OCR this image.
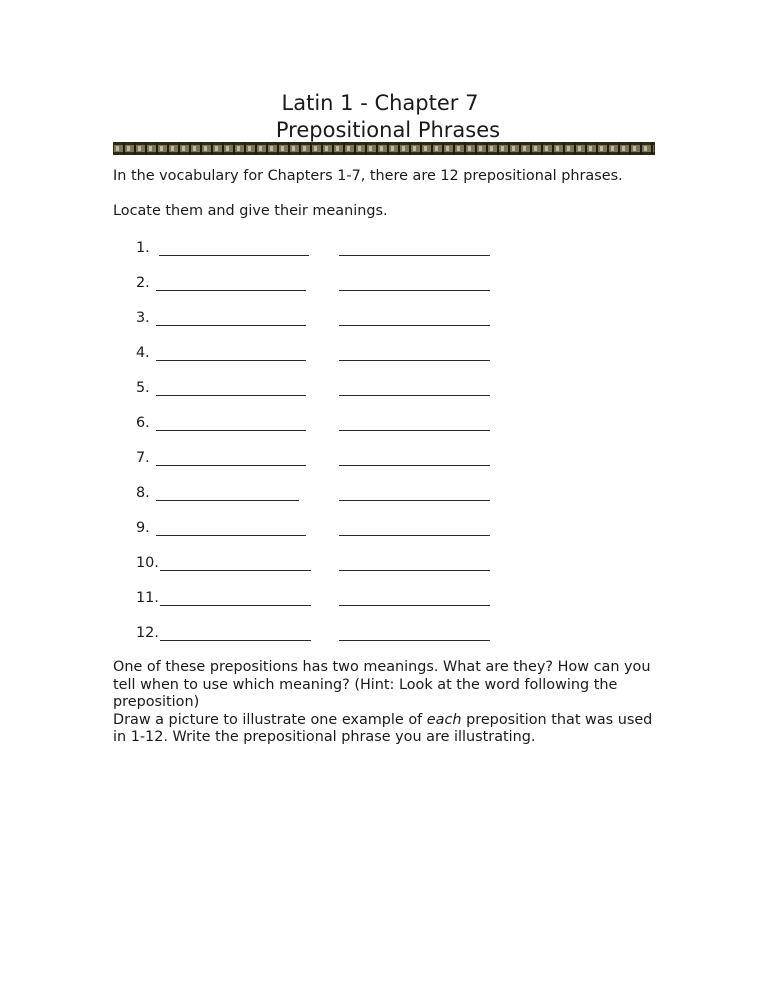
Latin 1 - Chapter 7
Prepositional Phrases

In the vocabulary for Chapters 1-7, there are 12 prepositional phrases.

Locate them and give their meanings.

1.
2.
3.
4.
5.
6.
7.
8.
9.
10.
11.
12.
One of these prepositions has two meanings. What are they? How can you tell when to use which meaning? (Hint: Look at the word following the preposition)
Draw a picture to illustrate one example of each preposition that was used in 1-12. Write the prepositional phrase you are illustrating.
